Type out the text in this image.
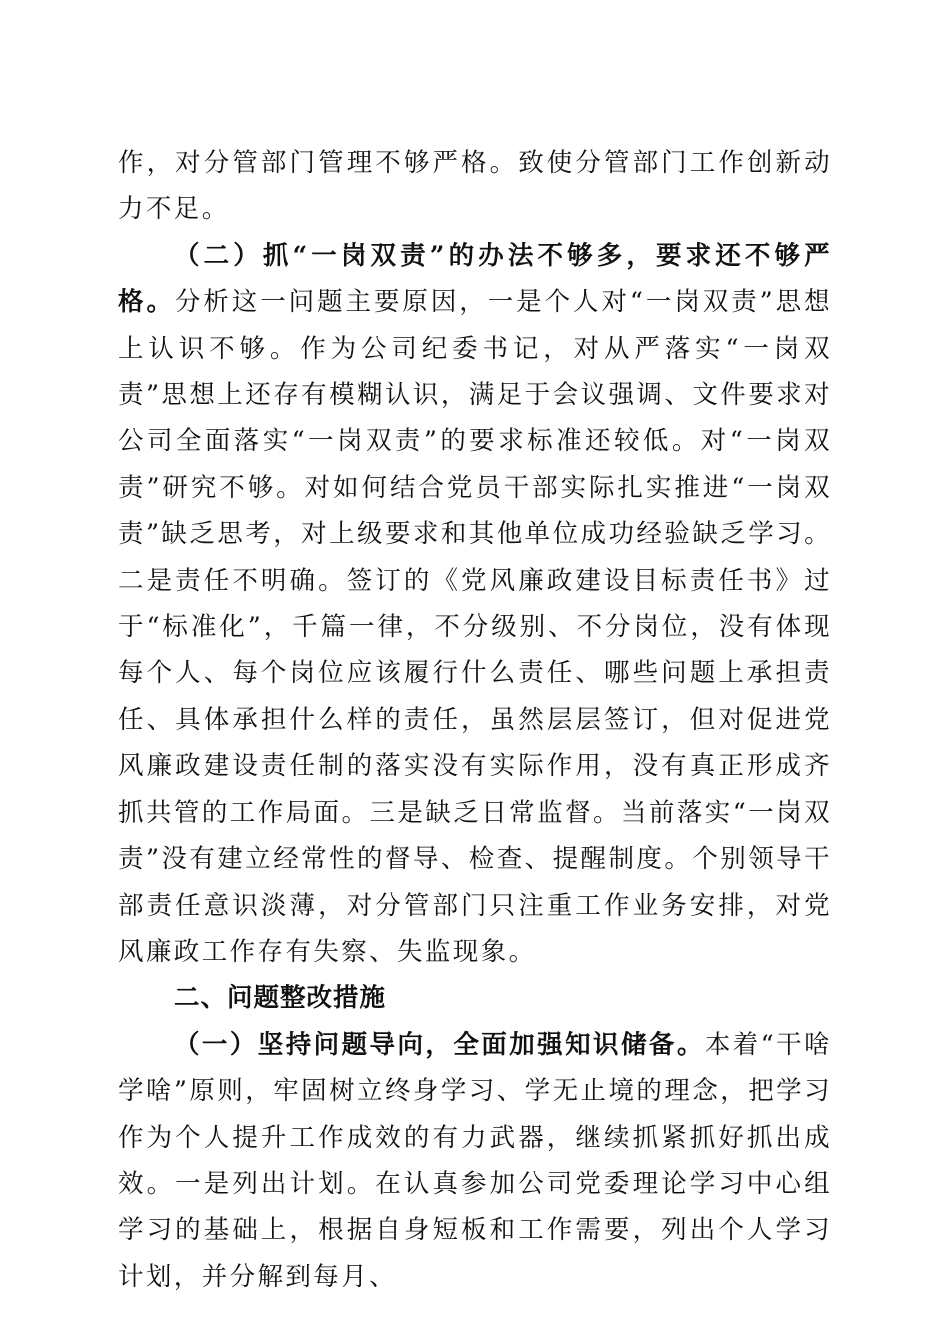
作，对分管部门管理不够严格。致使分管部门工作创新动力不足。

（二）抓“一岗双责”的办法不够多，要求还不够严格。分析这一问题主要原因，一是个人对“一岗双责”思想上认识不够。作为公司纪委书记，对从严落实“一岗双责”思想上还存有模糊认识，满足于会议强调、文件要求对公司全面落实“一岗双责”的要求标准还较低。对“一岗双责”研究不够。对如何结合党员干部实际扎实推进“一岗双责”缺乏思考，对上级要求和其他单位成功经验缺乏学习。二是责任不明确。签订的《党风廉政建设目标责任书》过于“标准化”，千篇一律，不分级别、不分岗位，没有体现每个人、每个岗位应该履行什么责任、哪些问题上承担责任、具体承担什么样的责任，虽然层层签订，但对促进党风廉政建设责任制的落实没有实际作用，没有真正形成齐抓共管的工作局面。三是缺乏日常监督。当前落实“一岗双责”没有建立经常性的督导、检查、提醒制度。个别领导干部责任意识淡薄，对分管部门只注重工作业务安排，对党风廉政工作存有失察、失监现象。

二、问题整改措施

（一）坚持问题导向，全面加强知识储备。本着“干啥学啥”原则，牢固树立终身学习、学无止境的理念，把学习作为个人提升工作成效的有力武器，继续抓紧抓好抓出成效。一是列出计划。在认真参加公司党委理论学习中心组学习的基础上，根据自身短板和工作需要，列出个人学习计划，并分解到每月、
